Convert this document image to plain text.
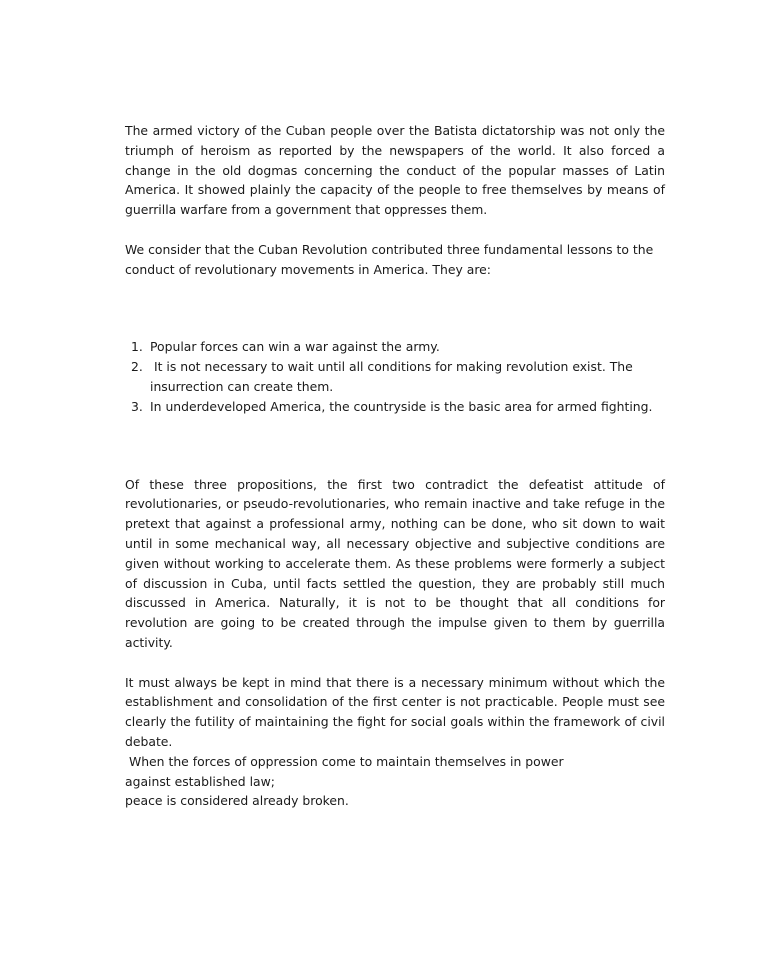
The armed victory of the Cuban people over the Batista dictatorship was not only the triumph of heroism as reported by the newspapers of the world. It also forced a change in the old dogmas concerning the conduct of the popular masses of Latin America. It showed plainly the capacity of the people to free themselves by means of guerrilla warfare from a government that oppresses them.

We consider that the Cuban Revolution contributed three fundamental lessons to the conduct of revolutionary movements in America. They are:

1. Popular forces can win a war against the army.
2. It is not necessary to wait until all conditions for making revolution exist. The insurrection can create them.
3. In underdeveloped America, the countryside is the basic area for armed fighting.

Of these three propositions, the first two contradict the defeatist attitude of revolutionaries, or pseudo-revolutionaries, who remain inactive and take refuge in the pretext that against a professional army, nothing can be done, who sit down to wait until in some mechanical way, all necessary objective and subjective conditions are given without working to accelerate them. As these problems were formerly a subject of discussion in Cuba, until facts settled the question, they are probably still much discussed in America. Naturally, it is not to be thought that all conditions for revolution are going to be created through the impulse given to them by guerrilla activity.

It must always be kept in mind that there is a necessary minimum without which the establishment and consolidation of the first center is not practicable. People must see clearly the futility of maintaining the fight for social goals within the framework of civil debate.

When the forces of oppression come to maintain themselves in power
against established law;
peace is considered already broken.
